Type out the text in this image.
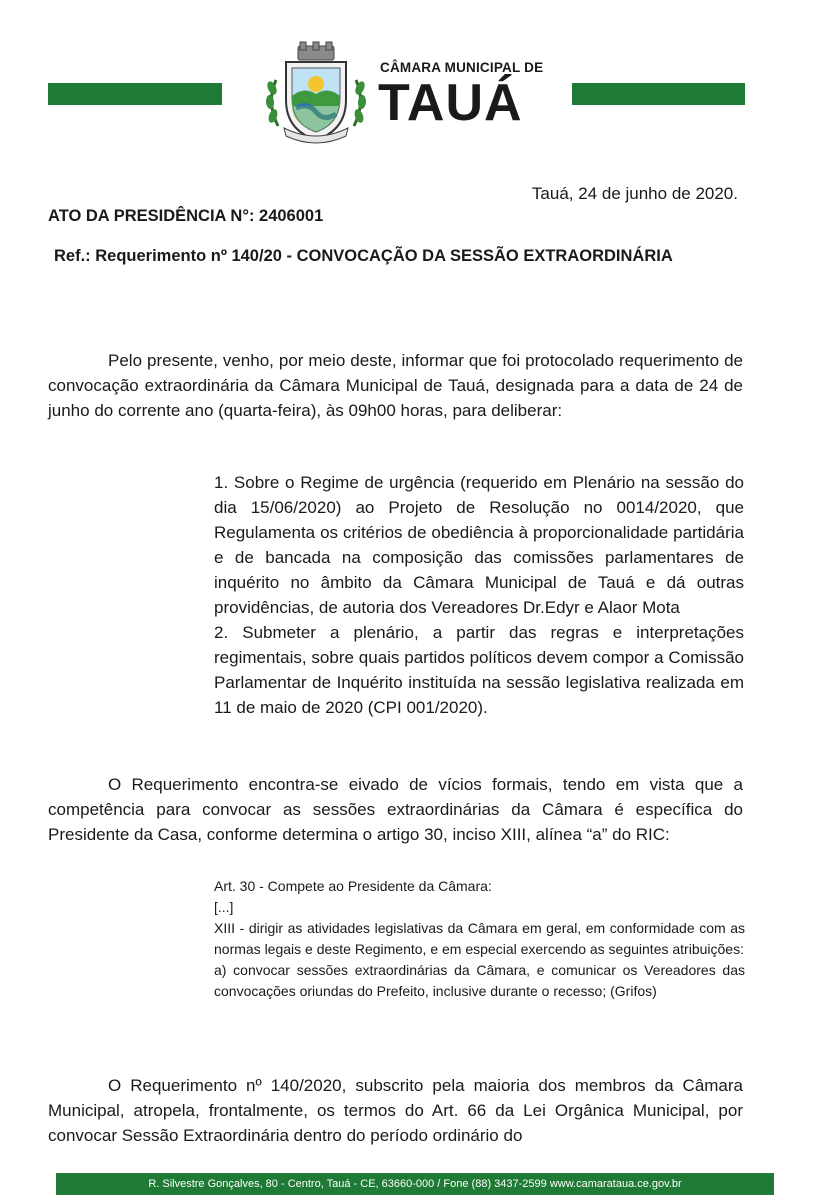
CÂMARA MUNICIPAL DE
TAUÁ
Tauá, 24 de junho de 2020.
ATO DA PRESIDÊNCIA N°: 2406001
Ref.: Requerimento nº 140/20 - CONVOCAÇÃO DA SESSÃO EXTRAORDINÁRIA

Pelo presente, venho, por meio deste, informar que foi protocolado requerimento de convocação extraordinária da Câmara Municipal de Tauá, designada para a data de 24 de junho do corrente ano (quarta-feira), às 09h00 horas, para deliberar:

1. Sobre o Regime de urgência (requerido em Plenário na sessão do dia 15/06/2020) ao Projeto de Resolução no 0014/2020, que Regulamenta os critérios de obediência à proporcionalidade partidária e de bancada na composição das comissões parlamentares de inquérito no âmbito da Câmara Municipal de Tauá e dá outras providências, de autoria dos Vereadores Dr.Edyr e Alaor Mota

2. Submeter a plenário, a partir das regras e interpretações regimentais, sobre quais partidos políticos devem compor a Comissão Parlamentar de Inquérito instituída na sessão legislativa realizada em 11 de maio de 2020 (CPI 001/2020).

O Requerimento encontra-se eivado de vícios formais, tendo em vista que a competência para convocar as sessões extraordinárias da Câmara é específica do Presidente da Casa, conforme determina o artigo 30, inciso XIII, alínea “a” do RIC:

Art. 30 - Compete ao Presidente da Câmara:

[...]

XIII - dirigir as atividades legislativas da Câmara em geral, em conformidade com as normas legais e deste Regimento, e em especial exercendo as seguintes atribuições:

a) convocar sessões extraordinárias da Câmara, e comunicar os Vereadores das convocações oriundas do Prefeito, inclusive durante o recesso; (Grifos)

O Requerimento nº 140/2020, subscrito pela maioria dos membros da Câmara Municipal, atropela, frontalmente, os termos do Art. 66 da Lei Orgânica Municipal, por convocar Sessão Extraordinária dentro do período ordinário do

R. Silvestre Gonçalves, 80 - Centro, Tauá - CE, 63660-000 / Fone (88) 3437-2599 www.camarataua.ce.gov.br
